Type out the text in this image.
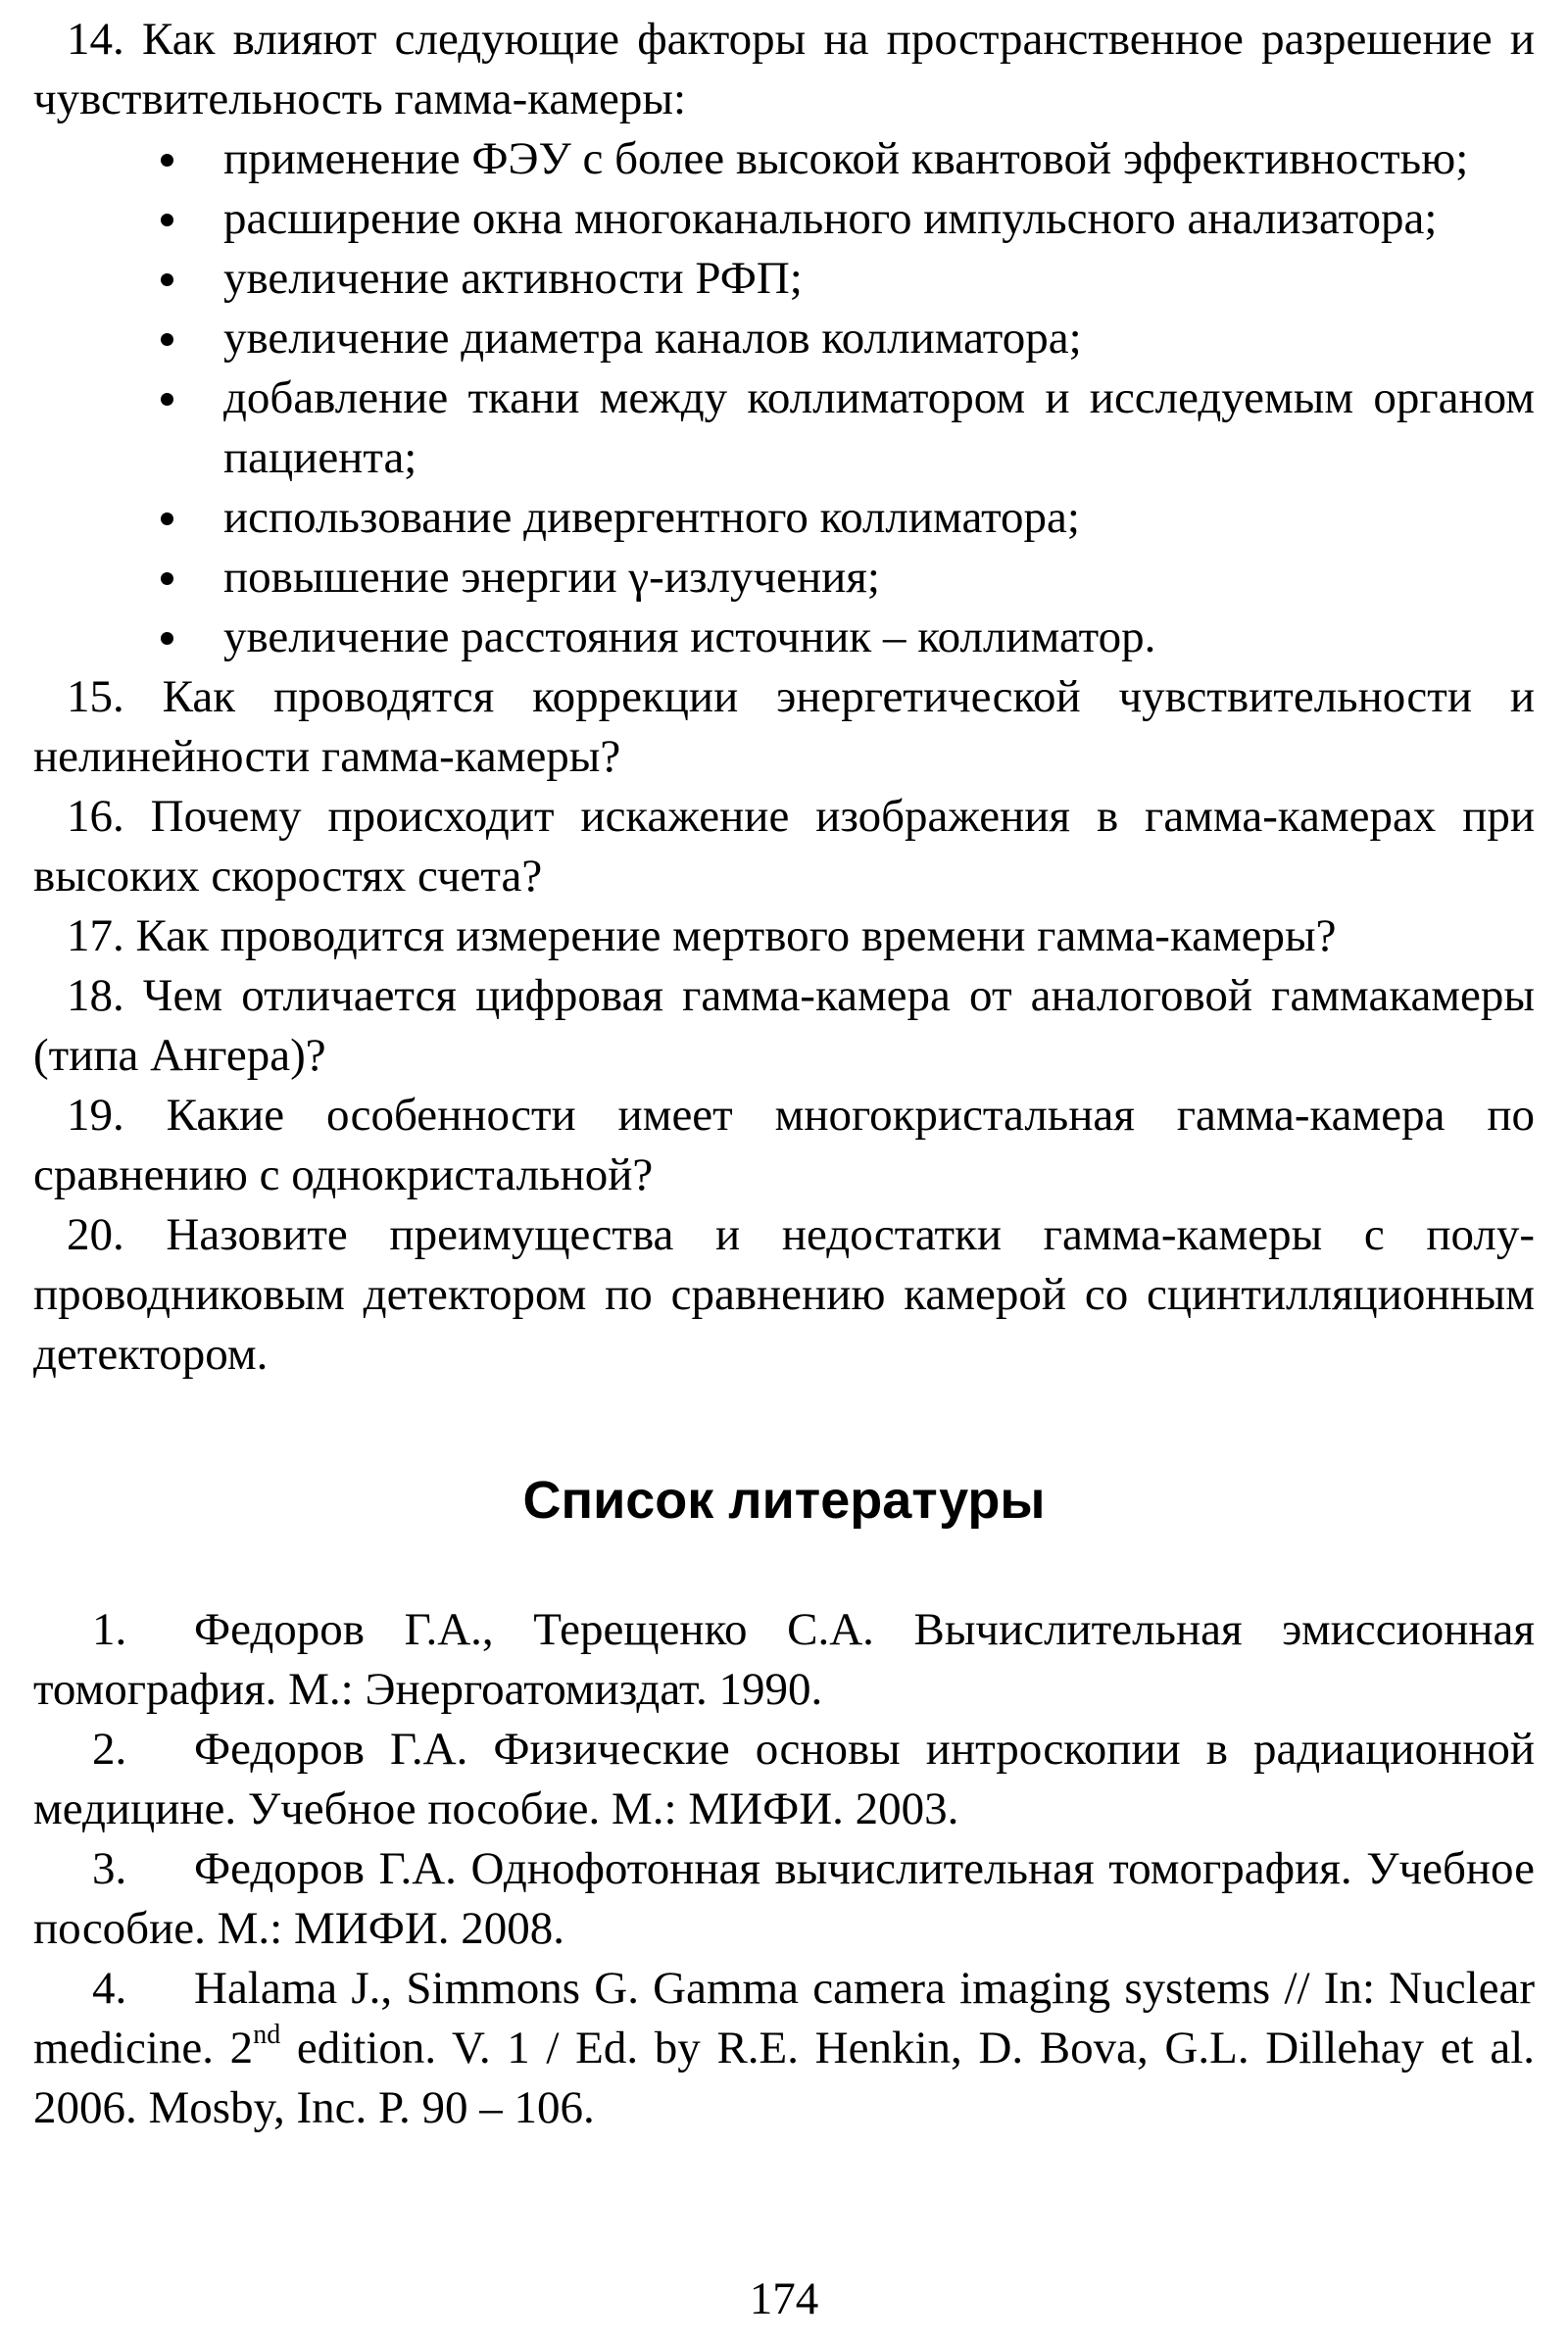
14. Как влияют следующие факторы на пространственное разрешение и чувствительность гамма-камеры:

применение ФЭУ с более высокой квантовой эффективностью;
расширение окна многоканального импульсного анализатора;
увеличение активности РФП;
увеличение диаметра каналов коллиматора;
добавление ткани между коллиматором и исследуемым органом пациента;
использование дивергентного коллиматора;
повышение энергии γ-излучения;
увеличение расстояния источник – коллиматор.

15. Как проводятся коррекции энергетической чувствительности и нелинейности гамма-камеры?

16. Почему происходит искажение изображения в гамма-камерах при высоких скоростях счета?

17. Как проводится измерение мертвого времени гамма-камеры?

18. Чем отличается цифровая гамма-камера от аналоговой гаммакамеры (типа Ангера)?

19. Какие особенности имеет многокристальная гамма-камера по сравнению с однокристальной?

20. Назовите преимущества и недостатки гамма-камеры с полупроводниковым детектором по сравнению камерой со сцинтилляционным детектором.

Список литературы

1. Федоров Г.А., Терещенко С.А. Вычислительная эмиссионная томография. М.: Энергоатомиздат. 1990.

2. Федоров Г.А. Физические основы интроскопии в радиационной медицине. Учебное пособие. М.: МИФИ. 2003.

3. Федоров Г.А. Однофотонная вычислительная томография. Учебное пособие. М.: МИФИ. 2008.

4. Halama J., Simmons G. Gamma camera imaging systems // In: Nuclear medicine. 2nd edition. V. 1 / Ed. by R.E. Henkin, D. Bova, G.L. Dillehay et al. 2006. Mosby, Inc. P. 90 – 106.

174
